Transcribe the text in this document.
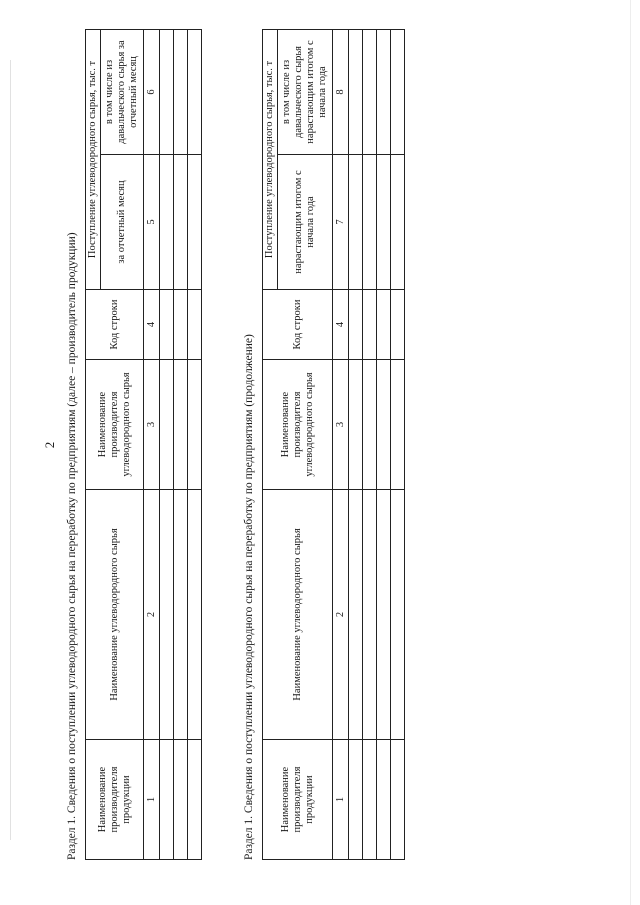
2 Раздел 1. Сведения о поступлении углеводородного сырья на переработку по предприятиям (далее – производитель продукции) Наименование производителя продукции	Наименование углеводородного сырья	Наименование производителя углеводородного сырья	Код строки	Поступление углеводородного сырья, тыс. т	
				за отчетный месяц	в том числе из давальческого сырья за отчетный месяц
1	2	3	4	5	6

Раздел 1. Сведения о поступлении углеводородного сырья на переработку по предприятиям (продолжение) Наименование производителя продукции	Наименование углеводородного сырья	Наименование производителя углеводородного сырья	Код строки	Поступление углеводородного сырья, тыс. т	
				нарастающим итогом с начала года	в том числе из давальческого сырья нарастающим итогом с начала года
1	2	3	4	7	8
